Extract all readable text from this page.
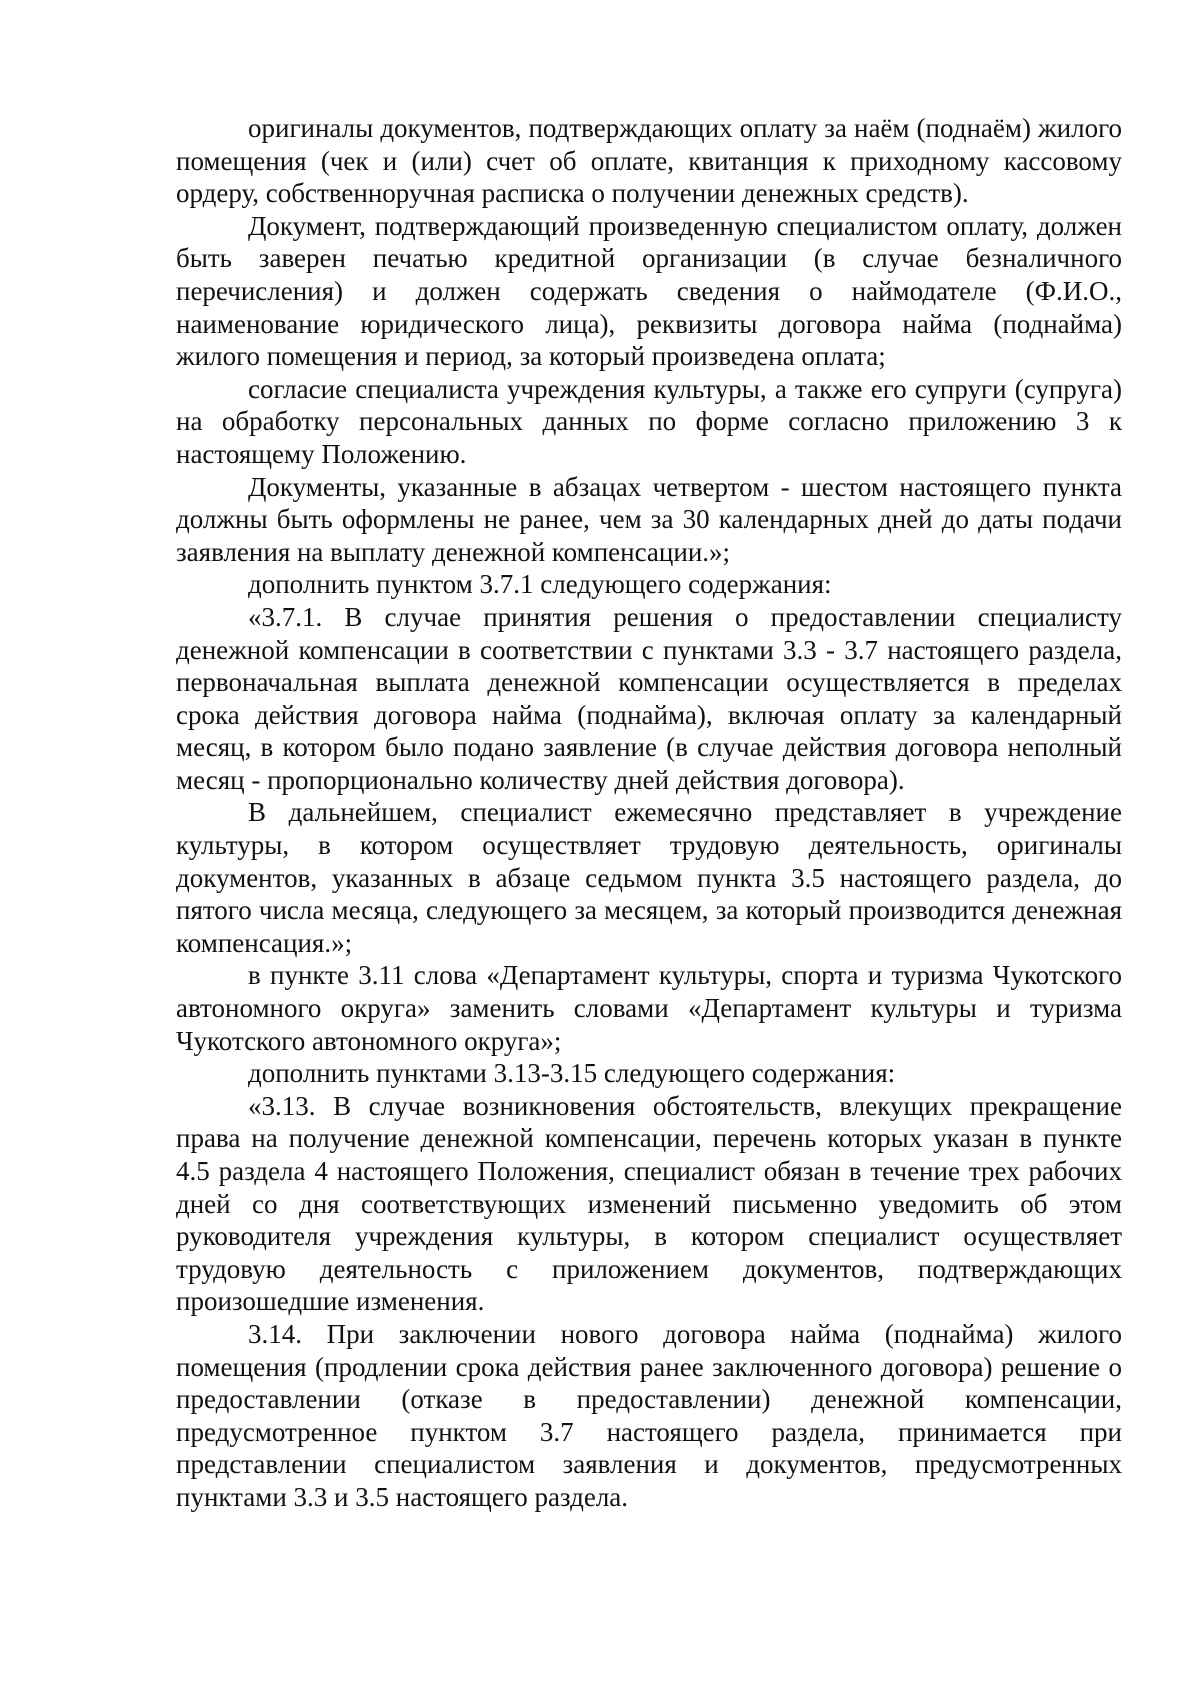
оригиналы документов, подтверждающих оплату за наём (поднаём) жилого помещения (чек и (или) счет об оплате, квитанция к приходному кассовому ордеру, собственноручная расписка о получении денежных средств).

Документ, подтверждающий произведенную специалистом оплату, должен быть заверен печатью кредитной организации (в случае безналичного перечисления) и должен содержать сведения о наймодателе (Ф.И.О., наименование юридического лица), реквизиты договора найма (поднайма) жилого помещения и период, за который произведена оплата;

согласие специалиста учреждения культуры, а также его супруги (супруга) на обработку персональных данных по форме согласно приложению 3 к настоящему Положению.

Документы, указанные в абзацах четвертом - шестом настоящего пункта должны быть оформлены не ранее, чем за 30 календарных дней до даты подачи заявления на выплату денежной компенсации.»;

дополнить пунктом 3.7.1 следующего содержания:

«3.7.1. В случае принятия решения о предоставлении специалисту денежной компенсации в соответствии с пунктами 3.3 - 3.7 настоящего раздела, первоначальная выплата денежной компенсации осуществляется в пределах срока действия договора найма (поднайма), включая оплату за календарный месяц, в котором было подано заявление (в случае действия договора неполный месяц - пропорционально количеству дней действия договора).

В дальнейшем, специалист ежемесячно представляет в учреждение культуры, в котором осуществляет трудовую деятельность, оригиналы документов, указанных в абзаце седьмом пункта 3.5 настоящего раздела, до пятого числа месяца, следующего за месяцем, за который производится денежная компенсация.»;

в пункте 3.11 слова «Департамент культуры, спорта и туризма Чукотского автономного округа» заменить словами «Департамент культуры и туризма Чукотского автономного округа»;

дополнить пунктами 3.13-3.15 следующего содержания:

«3.13. В случае возникновения обстоятельств, влекущих прекращение права на получение денежной компенсации, перечень которых указан в пункте 4.5 раздела 4 настоящего Положения, специалист обязан в течение трех рабочих дней со дня соответствующих изменений письменно уведомить об этом руководителя учреждения культуры, в котором специалист осуществляет трудовую деятельность с приложением документов, подтверждающих произошедшие изменения.

3.14. При заключении нового договора найма (поднайма) жилого помещения (продлении срока действия ранее заключенного договора) решение о предоставлении (отказе в предоставлении) денежной компенсации, предусмотренное пунктом 3.7 настоящего раздела, принимается при представлении специалистом заявления и документов, предусмотренных пунктами 3.3 и 3.5 настоящего раздела.
